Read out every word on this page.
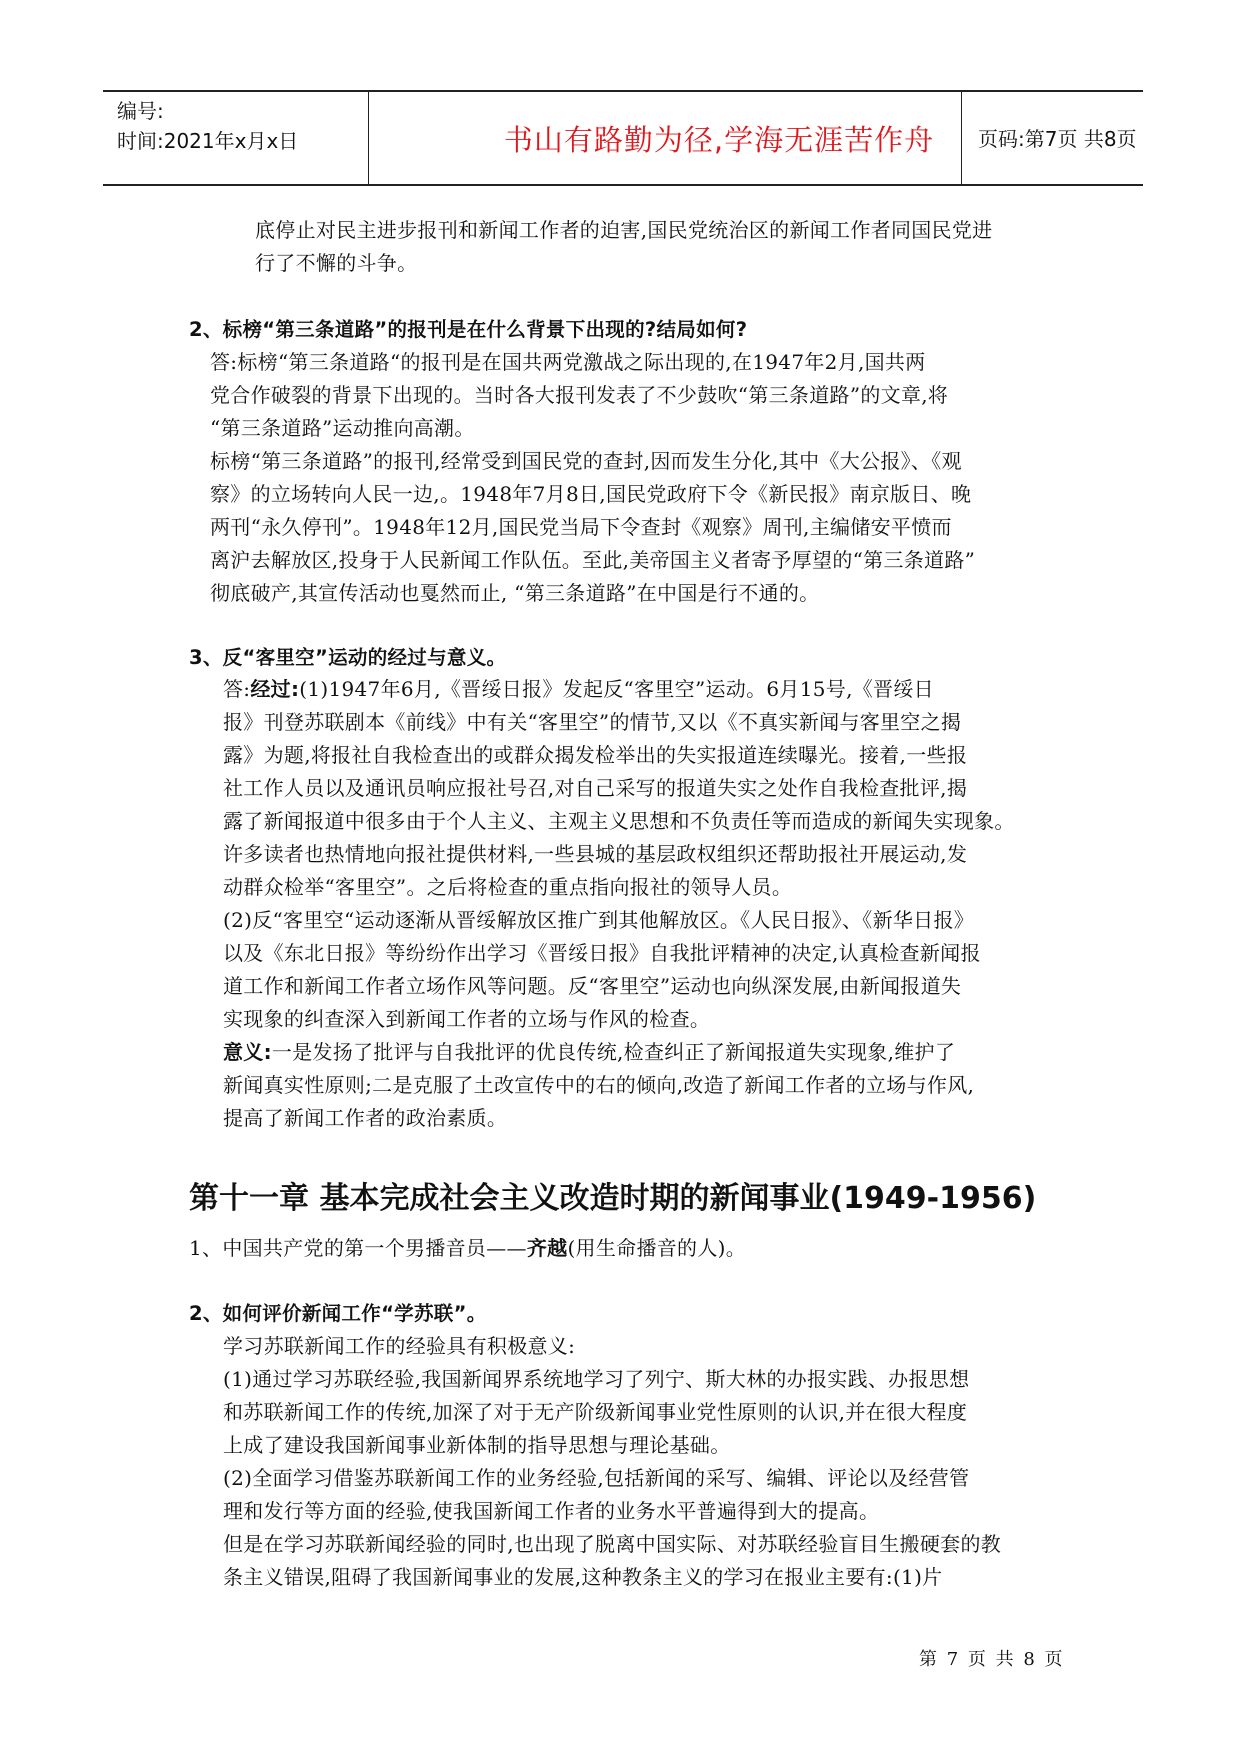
编号:
时间:2021年x月x日	书山有路勤为径,学海无涯苦作舟	页码:第7页 共8页
底停止对民主进步报刊和新闻工作者的迫害,国民党统治区的新闻工作者同国民党进
行了不懈的斗争。
2、标榜“第三条道路”的报刊是在什么背景下出现的?结局如何?
答:标榜“第三条道路“的报刊是在国共两党激战之际出现的,在1947年2月,国共两
党合作破裂的背景下出现的。当时各大报刊发表了不少鼓吹“第三条道路”的文章,将
“第三条道路”运动推向高潮。
标榜“第三条道路”的报刊,经常受到国民党的查封,因而发生分化,其中《大公报》、《观
察》的立场转向人民一边,。1948年7月8日,国民党政府下令《新民报》南京版日、晚
两刊“永久停刊”。1948年12月,国民党当局下令查封《观察》周刊,主编储安平愤而
离沪去解放区,投身于人民新闻工作队伍。至此,美帝国主义者寄予厚望的“第三条道路”
彻底破产,其宣传活动也戛然而止, “第三条道路”在中国是行不通的。
3、反“客里空”运动的经过与意义。
答:经过:(1)1947年6月,《晋绥日报》发起反“客里空”运动。6月15号,《晋绥日
报》刊登苏联剧本《前线》中有关“客里空”的情节,又以《不真实新闻与客里空之揭
露》为题,将报社自我检查出的或群众揭发检举出的失实报道连续曝光。接着,一些报
社工作人员以及通讯员响应报社号召,对自己采写的报道失实之处作自我检查批评,揭
露了新闻报道中很多由于个人主义、主观主义思想和不负责任等而造成的新闻失实现象。
许多读者也热情地向报社提供材料,一些县城的基层政权组织还帮助报社开展运动,发
动群众检举“客里空”。之后将检查的重点指向报社的领导人员。
(2)反“客里空“运动逐渐从晋绥解放区推广到其他解放区。《人民日报》、《新华日报》
以及《东北日报》等纷纷作出学习《晋绥日报》自我批评精神的决定,认真检查新闻报
道工作和新闻工作者立场作风等问题。反“客里空”运动也向纵深发展,由新闻报道失
实现象的纠查深入到新闻工作者的立场与作风的检查。
意义:一是发扬了批评与自我批评的优良传统,检查纠正了新闻报道失实现象,维护了
新闻真实性原则;二是克服了土改宣传中的右的倾向,改造了新闻工作者的立场与作风,
提高了新闻工作者的政治素质。
第十一章 基本完成社会主义改造时期的新闻事业(1949-1956)
1、中国共产党的第一个男播音员——齐越(用生命播音的人)。
2、如何评价新闻工作“学苏联”。
学习苏联新闻工作的经验具有积极意义:
(1)通过学习苏联经验,我国新闻界系统地学习了列宁、斯大林的办报实践、办报思想
和苏联新闻工作的传统,加深了对于无产阶级新闻事业党性原则的认识,并在很大程度
上成了建设我国新闻事业新体制的指导思想与理论基础。
(2)全面学习借鉴苏联新闻工作的业务经验,包括新闻的采写、编辑、评论以及经营管
理和发行等方面的经验,使我国新闻工作者的业务水平普遍得到大的提高。
但是在学习苏联新闻经验的同时,也出现了脱离中国实际、对苏联经验盲目生搬硬套的教
条主义错误,阻碍了我国新闻事业的发展,这种教条主义的学习在报业主要有:(1)片
第 7 页 共 8 页
